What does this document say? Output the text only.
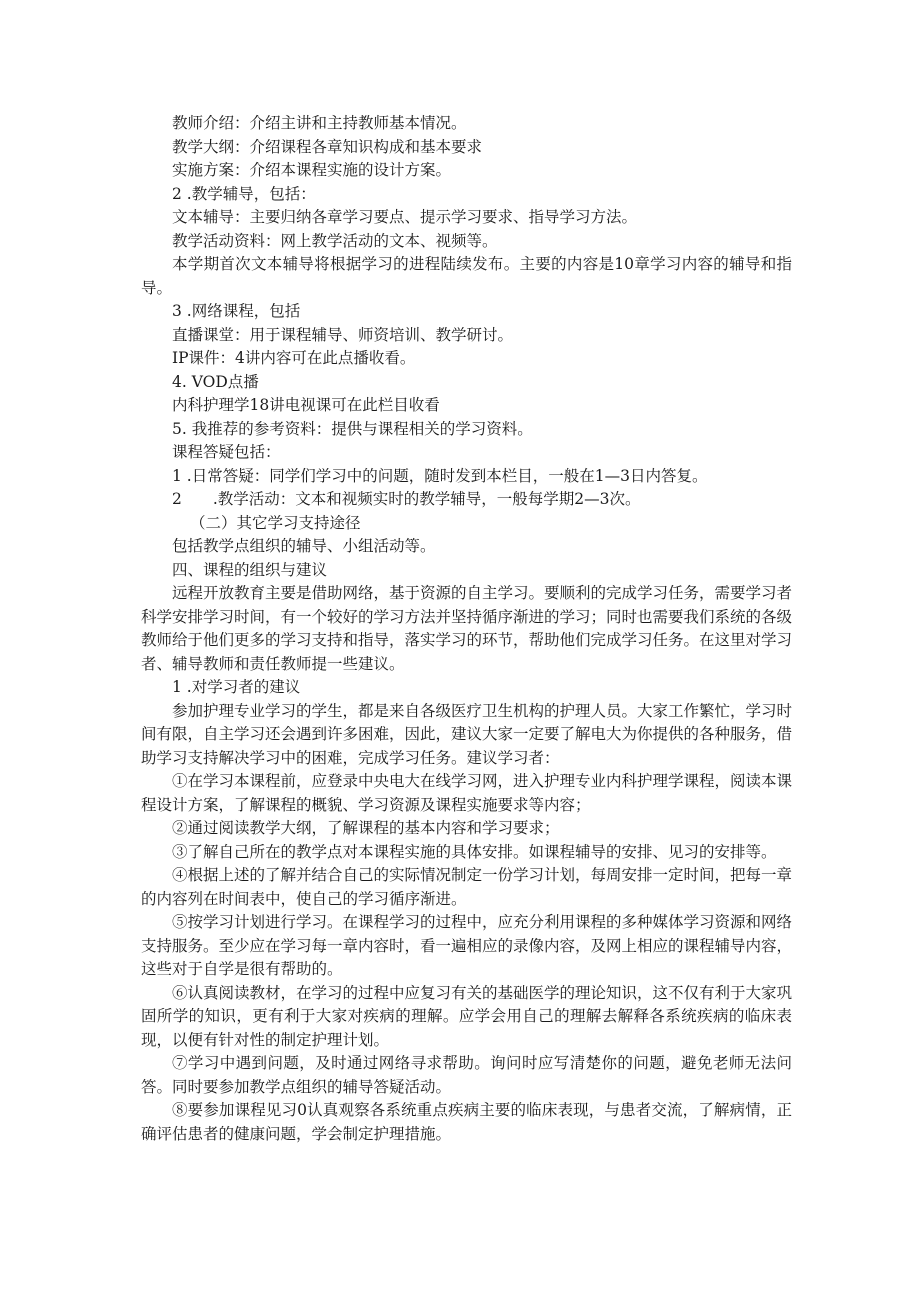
教师介绍：介绍主讲和主持教师基本情况。

教学大纲：介绍课程各章知识构成和基本要求

实施方案：介绍本课程实施的设计方案。

2 .教学辅导，包括：

文本辅导：主要归纳各章学习要点、提示学习要求、指导学习方法。

教学活动资料：网上教学活动的文本、视频等。

本学期首次文本辅导将根据学习的进程陆续发布。主要的内容是10章学习内容的辅导和指导。

3 .网络课程，包括

直播课堂：用于课程辅导、师资培训、教学研讨。

IP课件：4讲内容可在此点播收看。

4. VOD点播

内科护理学18讲电视课可在此栏目收看

5. 我推荐的参考资料：提供与课程相关的学习资料。

课程答疑包括：

1 .日常答疑：同学们学习中的问题，随时发到本栏目，一般在1—3日内答复。

2　　.教学活动：文本和视频实时的教学辅导，一般每学期2—3次。

（二）其它学习支持途径

包括教学点组织的辅导、小组活动等。

四、课程的组织与建议

远程开放教育主要是借助网络，基于资源的自主学习。要顺利的完成学习任务，需要学习者科学安排学习时间，有一个较好的学习方法并坚持循序渐进的学习；同时也需要我们系统的各级教师给于他们更多的学习支持和指导，落实学习的环节，帮助他们完成学习任务。在这里对学习者、辅导教师和责任教师提一些建议。

1 .对学习者的建议

参加护理专业学习的学生，都是来自各级医疗卫生机构的护理人员。大家工作繁忙，学习时间有限，自主学习还会遇到许多困难，因此，建议大家一定要了解电大为你提供的各种服务，借助学习支持解决学习中的困难，完成学习任务。建议学习者：

①在学习本课程前，应登录中央电大在线学习网，进入护理专业内科护理学课程，阅读本课程设计方案，了解课程的概貌、学习资源及课程实施要求等内容；

②通过阅读教学大纲，了解课程的基本内容和学习要求；

③了解自己所在的教学点对本课程实施的具体安排。如课程辅导的安排、见习的安排等。

④根据上述的了解并结合自己的实际情况制定一份学习计划，每周安排一定时间，把每一章的内容列在时间表中，使自己的学习循序渐进。

⑤按学习计划进行学习。在课程学习的过程中，应充分利用课程的多种媒体学习资源和网络支持服务。至少应在学习每一章内容时，看一遍相应的录像内容，及网上相应的课程辅导内容，这些对于自学是很有帮助的。

⑥认真阅读教材，在学习的过程中应复习有关的基础医学的理论知识，这不仅有利于大家巩固所学的知识，更有利于大家对疾病的理解。应学会用自己的理解去解释各系统疾病的临床表现，以便有针对性的制定护理计划。

⑦学习中遇到问题，及时通过网络寻求帮助。询问时应写清楚你的问题，避免老师无法问答。同时要参加教学点组织的辅导答疑活动。

⑧要参加课程见习0认真观察各系统重点疾病主要的临床表现，与患者交流，了解病情，正确评估患者的健康问题，学会制定护理措施。
